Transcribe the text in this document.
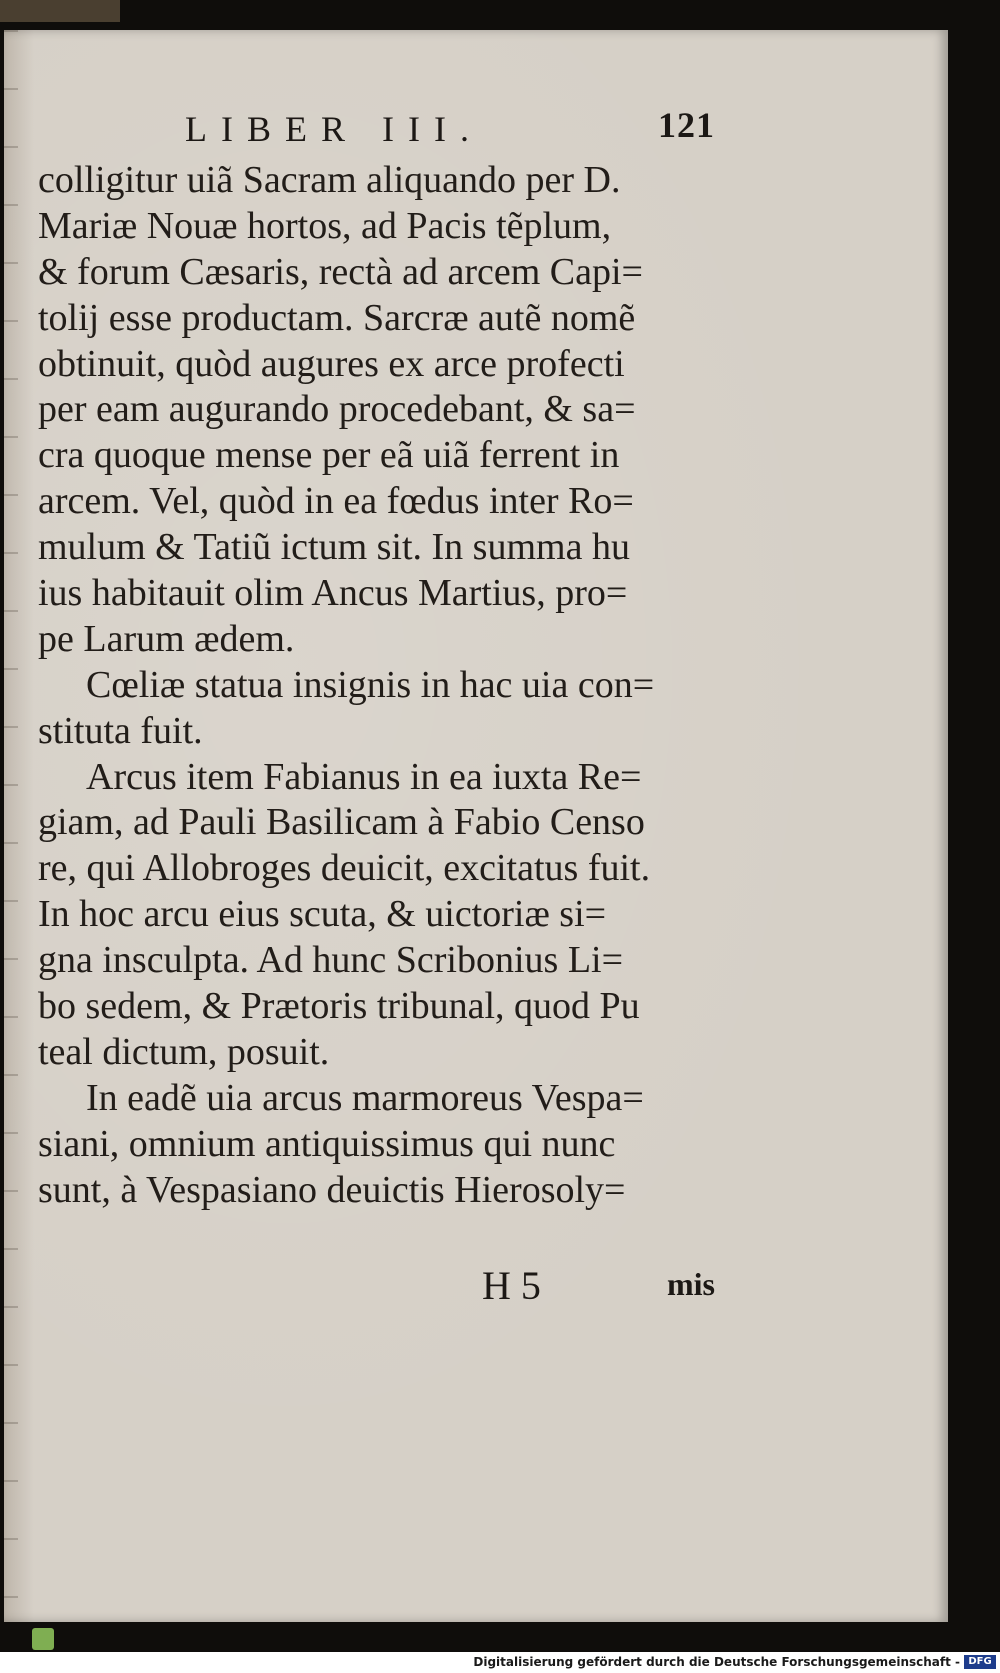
LIBER III.	121
colligitur uiã Sacram aliquando per D.
Mariæ Nouæ hortos, ad Pacis tẽplum,
& forum Cæsaris, rectà ad arcem Capi=
tolij esse productam. Sarcræ autẽ nomẽ
obtinuit, quòd augures ex arce profecti
per eam augurando procedebant, & sa=
cra quoque mense per eã uiã ferrent in
arcem. Vel, quòd in ea fœdus inter Ro=
mulum & Tatiũ ictum sit. In summa hu
ius habitauit olim Ancus Martius, pro=
pe Larum ædem.
Cœliæ statua insignis in hac uia con=
stituta fuit.
Arcus item Fabianus in ea iuxta Re=
giam, ad Pauli Basilicam à Fabio Censo
re, qui Allobroges deuicit, excitatus fuit.
In hoc arcu eius scuta, & uictoriæ si=
gna insculpta. Ad hunc Scribonius Li=
bo sedem, & Prætoris tribunal, quod Pu
teal dictum, posuit.
In eadẽ uia arcus marmoreus Vespa=
siani, omnium antiquissimus qui nunc
sunt, à Vespasiano deuictis Hierosoly=
H 5	mis
Digitalisierung gefördert durch die Deutsche Forschungsgemeinschaft - DFG
